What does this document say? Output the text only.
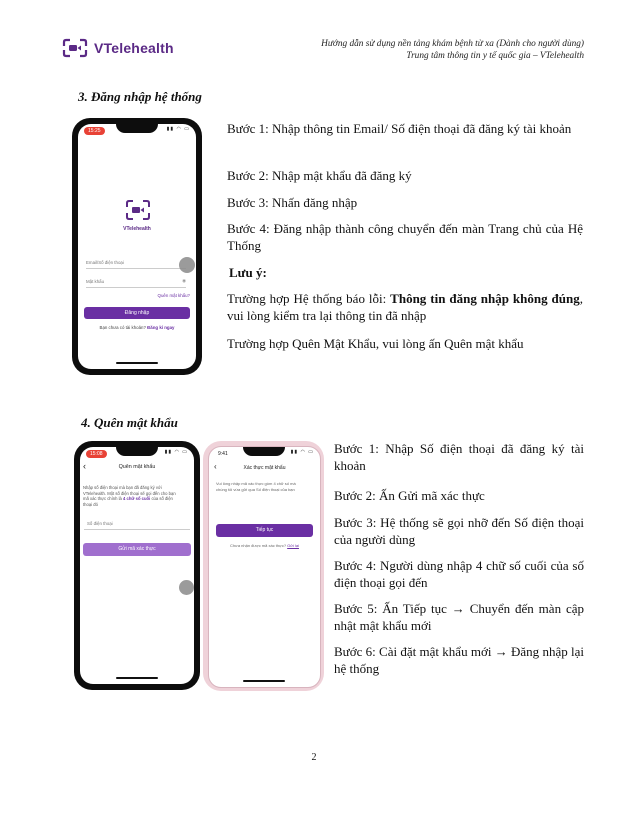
VTelehealth	Hướng dẫn sử dụng nền tảng khám bệnh từ xa (Dành cho người dùng)
Trung tâm thông tin y tế quốc gia – VTelehealth
3. Đăng nhập hệ thống
15:25	▮▮ ◠ ▭
VTelehealth
Email/Số điện thoại
Mật khẩu	◉
Quên mật khẩu?
Đăng nhập
Bạn chưa có tài khoản? Đăng kí ngay
Bước 1: Nhập thông tin Email/ Số điện thoại đã đăng ký tài khoản
Bước 2: Nhập mật khẩu đã đăng ký
Bước 3: Nhấn đăng nhập
Bước 4: Đăng nhập thành công chuyển đến màn Trang chủ của Hệ Thống
Lưu ý:
Trường hợp Hệ thống báo lỗi: Thông tin đăng nhập không đúng, vui lòng kiểm tra lại thông tin đã nhập
Trường hợp Quên Mật Khẩu, vui lòng ấn Quên mật khẩu
4. Quên mật khẩu
15:08	▮▮ ◠ ▭
‹	Quên mật khẩu
Nhập số điện thoại mà bạn đã đăng ký với
VTelehealth. Một số điện thoại sẽ gọi đến cho bạn
mã xác thực chính là 4 chữ số cuối của số điện
thoại đó
Số điện thoại
Gửi mã xác thực
9:41	▮▮ ◠ ▭
‹	Xác thực mật khẩu
Vui lòng nhập mã xác thực gồm 4 chữ số mà
chúng tôi vừa gửi qua Số điện thoại của bạn
Tiếp tục
Chưa nhận được mã xác thực? Gửi lại
Bước 1: Nhập Số điện thoại đã đăng ký tài khoản
Bước 2: Ấn Gửi mã xác thực
Bước 3: Hệ thống sẽ gọi nhỡ đến Số điện thoại của người dùng
Bước 4: Người dùng nhập 4 chữ số cuối của số điện thoại gọi đến
Bước 5: Ấn Tiếp tục → Chuyển đến màn cập nhật mật khẩu mới
Bước 6: Cài đặt mật khẩu mới → Đăng nhập lại hệ thống
2
